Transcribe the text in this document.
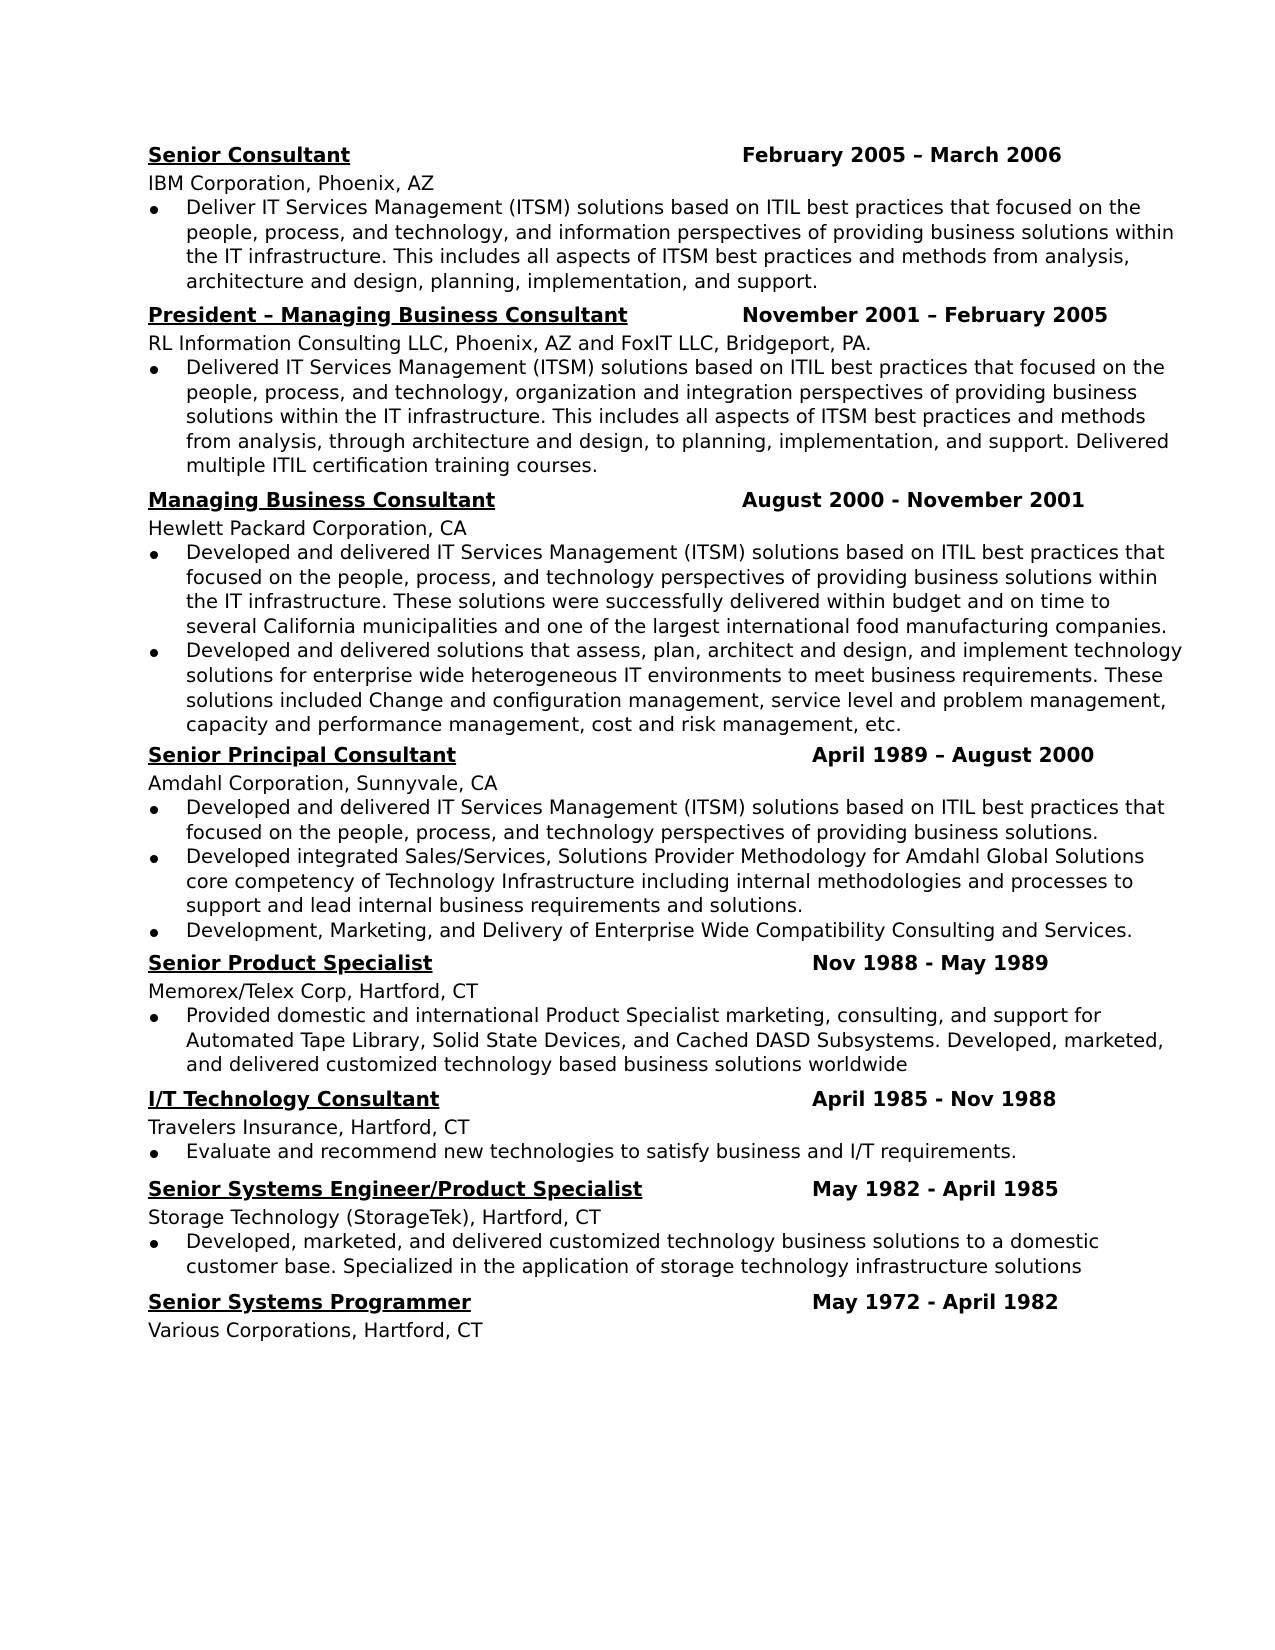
Senior Consultant	February 2005 – March 2006
IBM Corporation, Phoenix, AZ
Deliver IT Services Management (ITSM) solutions based on ITIL best practices that focused on the
people, process, and technology, and information perspectives of providing business solutions within
the IT infrastructure. This includes all aspects of ITSM best practices and methods from analysis,
architecture and design, planning, implementation, and support.
President – Managing Business Consultant	November 2001 – February 2005
RL Information Consulting LLC, Phoenix, AZ and FoxIT LLC, Bridgeport, PA.
Delivered IT Services Management (ITSM) solutions based on ITIL best practices that focused on the
people, process, and technology, organization and integration perspectives of providing business
solutions within the IT infrastructure. This includes all aspects of ITSM best practices and methods
from analysis, through architecture and design, to planning, implementation, and support. Delivered
multiple ITIL certification training courses.
Managing Business Consultant	August 2000 - November 2001
Hewlett Packard Corporation, CA
Developed and delivered IT Services Management (ITSM) solutions based on ITIL best practices that
focused on the people, process, and technology perspectives of providing business solutions within
the IT infrastructure. These solutions were successfully delivered within budget and on time to
several California municipalities and one of the largest international food manufacturing companies.
Developed and delivered solutions that assess, plan, architect and design, and implement technology
solutions for enterprise wide heterogeneous IT environments to meet business requirements. These
solutions included Change and configuration management, service level and problem management,
capacity and performance management, cost and risk management, etc.
Senior Principal Consultant	April 1989 – August 2000
Amdahl Corporation, Sunnyvale, CA
Developed and delivered IT Services Management (ITSM) solutions based on ITIL best practices that
focused on the people, process, and technology perspectives of providing business solutions.
Developed integrated Sales/Services, Solutions Provider Methodology for Amdahl Global Solutions
core competency of Technology Infrastructure including internal methodologies and processes to
support and lead internal business requirements and solutions.
Development, Marketing, and Delivery of Enterprise Wide Compatibility Consulting and Services.
Senior Product Specialist	Nov 1988 - May 1989
Memorex/Telex Corp, Hartford, CT
Provided domestic and international Product Specialist marketing, consulting, and support for
Automated Tape Library, Solid State Devices, and Cached DASD Subsystems. Developed, marketed,
and delivered customized technology based business solutions worldwide
I/T Technology Consultant	April 1985 - Nov 1988
Travelers Insurance, Hartford, CT
Evaluate and recommend new technologies to satisfy business and I/T requirements.
Senior Systems Engineer/Product Specialist	May 1982 - April 1985
Storage Technology (StorageTek), Hartford, CT
Developed, marketed, and delivered customized technology business solutions to a domestic
customer base. Specialized in the application of storage technology infrastructure solutions
Senior Systems Programmer	May 1972 - April 1982
Various Corporations, Hartford, CT
